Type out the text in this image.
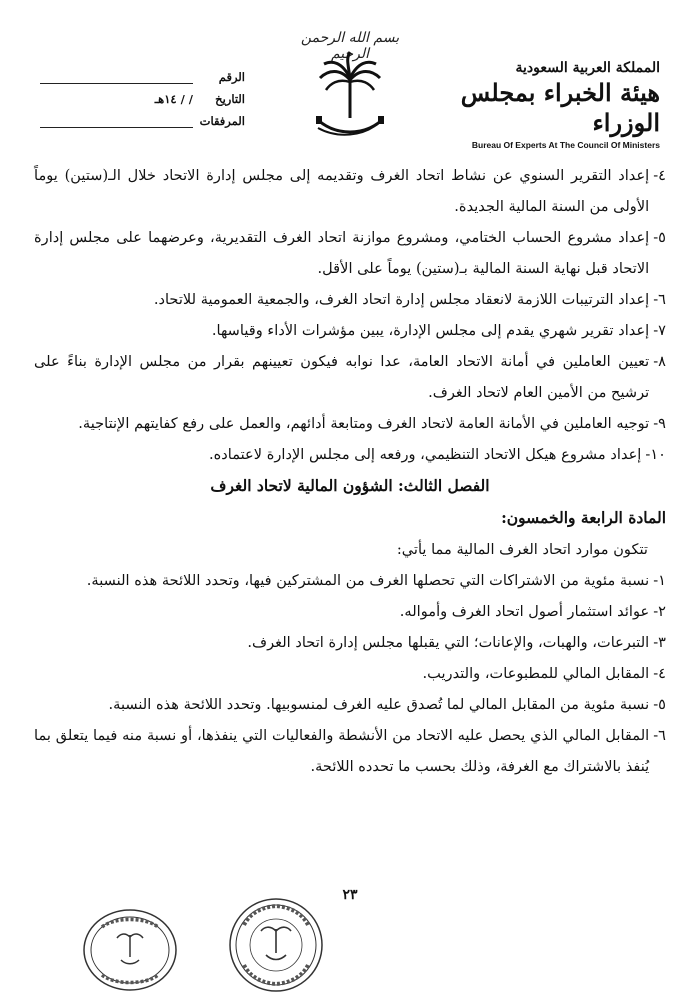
بسم الله الرحمن الرحيم
الرقم
التاريخ
/ / ١٤هـ
المرفقات
المملكة العربية السعودية
هيئة الخبراء بمجلس الوزراء
Bureau Of Experts At The Council Of Ministers
٤-
إعداد التقرير السنوي عن نشاط اتحاد الغرف وتقديمه إلى مجلس إدارة الاتحاد خلال الـ(ستين) يوماً الأولى من السنة المالية الجديدة.
٥-
إعداد مشروع الحساب الختامي، ومشروع موازنة اتحاد الغرف التقديرية، وعرضهما على مجلس إدارة الاتحاد قبل نهاية السنة المالية بـ(ستين) يوماً على الأقل.
٦-
إعداد الترتيبات اللازمة لانعقاد مجلس إدارة اتحاد الغرف، والجمعية العمومية للاتحاد.
٧-
إعداد تقرير شهري يقدم إلى مجلس الإدارة، يبين مؤشرات الأداء وقياسها.
٨-
تعيين العاملين في أمانة الاتحاد العامة، عدا نوابه فيكون تعيينهم بقرار من مجلس الإدارة بناءً على ترشيح من الأمين العام لاتحاد الغرف.
٩-
توجيه العاملين في الأمانة العامة لاتحاد الغرف ومتابعة أدائهم، والعمل على رفع كفايتهم الإنتاجية.
١٠-
إعداد مشروع هيكل الاتحاد التنظيمي، ورفعه إلى مجلس الإدارة لاعتماده.
الفصل الثالث: الشؤون المالية لاتحاد الغرف
المادة الرابعة والخمسون:
تتكون موارد اتحاد الغرف المالية مما يأتي:
١-
نسبة مئوية من الاشتراكات التي تحصلها الغرف من المشتركين فيها، وتحدد اللائحة هذه النسبة.
٢-
عوائد استثمار أصول اتحاد الغرف وأمواله.
٣-
التبرعات، والهبات، والإعانات؛ التي يقبلها مجلس إدارة اتحاد الغرف.
٤-
المقابل المالي للمطبوعات، والتدريب.
٥-
نسبة مئوية من المقابل المالي لما تُصدق عليه الغرف لمنسوبيها. وتحدد اللائحة هذه النسبة.
٦-
المقابل المالي الذي يحصل عليه الاتحاد من الأنشطة والفعاليات التي ينفذها، أو نسبة منه فيما يتعلق بما يُنفذ بالاشتراك مع الغرفة، وذلك بحسب ما تحدده اللائحة.
٢٣
